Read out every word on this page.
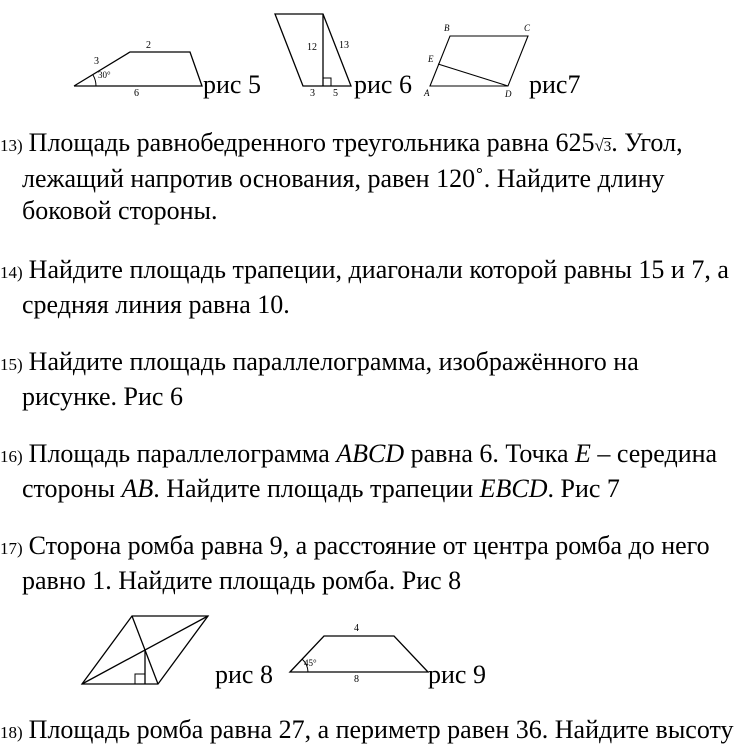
2
3
30°
6 рис 5
12 13
3 5 рис 6 A
B	C
D
E
рис7
13) Площадь равнобедренного треугольника равна 625√3. Угол,
лежащий напротив основания, равен 120˚. Найдите длину
боковой стороны.
14) Найдите площадь трапеции, диагонали которой равны 15 и 7, а
средняя линия равна 10.
15) Найдите площадь параллелограмма, изображённого на
рисунке. Рис 6
16) Площадь параллелограмма ABCD равна 6. Точка E – середина
стороны AB. Найдите площадь трапеции EBCD. Рис 7
17) Сторона ромба равна 9, а расстояние от центра ромба до него
равно 1. Найдите площадь ромба. Рис 8
рис 8
4
45°
8	рис 9
18) Площадь ромба равна 27, а периметр равен 36. Найдите высоту
